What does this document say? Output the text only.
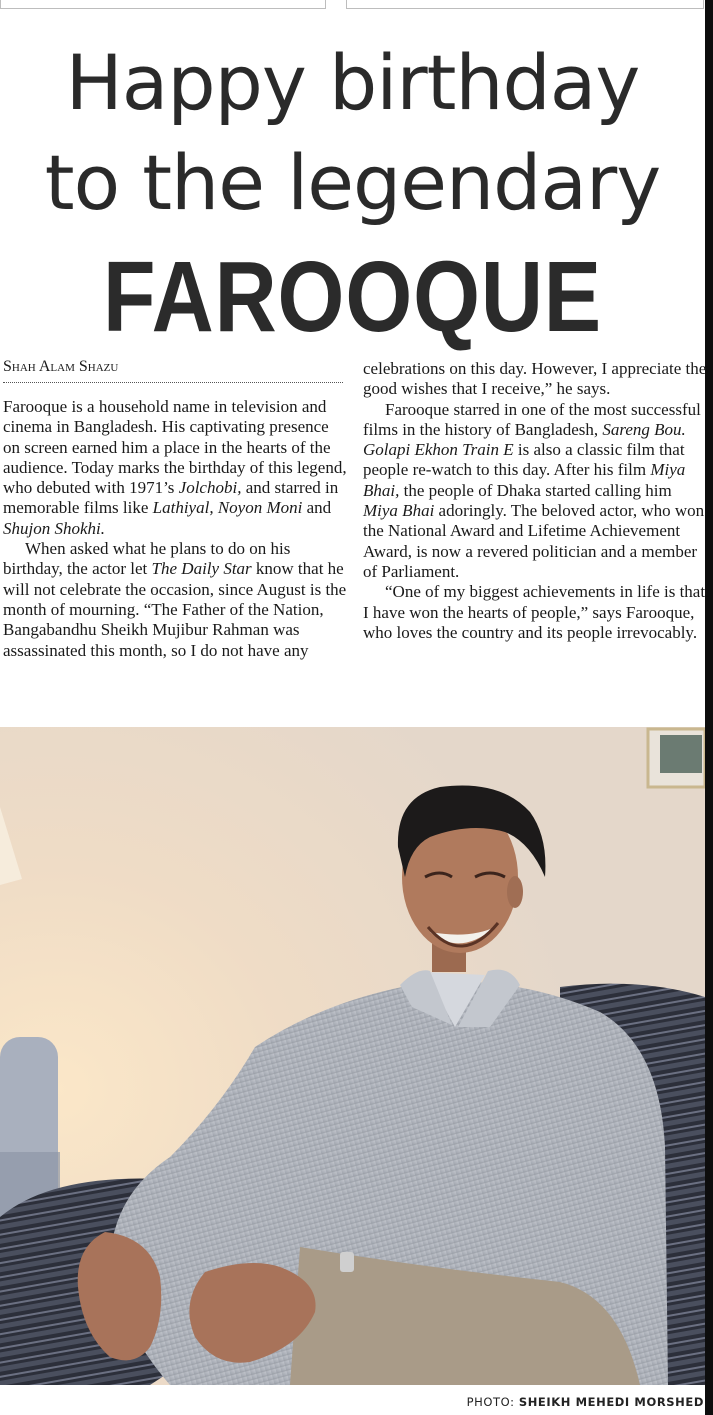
Happy birthday
to the legendary
FAROOQUE
Shah Alam Shazu

Farooque is a household name in television and cinema in Bangladesh. His captivating presence on screen earned him a place in the hearts of the audience. Today marks the birthday of this legend, who debuted with 1971’s Jolchobi, and starred in memorable films like Lathiyal, Noyon Moni and Shujon Shokhi.

When asked what he plans to do on his birthday, the actor let The Daily Star know that he will not celebrate the occasion, since August is the month of mourning. “The Father of the Nation, Bangabandhu Sheikh Mujibur Rahman was assassinated this month, so I do not have any

celebrations on this day. However, I appreciate the good wishes that I receive,” he says.

Farooque starred in one of the most successful films in the history of Bangladesh, Sareng Bou. Golapi Ekhon Train E is also a classic film that people re-watch to this day. After his film Miya Bhai, the people of Dhaka started calling him Miya Bhai adoringly. The beloved actor, who won the National Award and Lifetime Achievement Award, is now a revered politician and a member of Parliament.

“One of my biggest achievements in life is that I have won the hearts of people,” says Farooque, who loves the country and its people irrevocably.

PHOTO: SHEIKH MEHEDI MORSHED
